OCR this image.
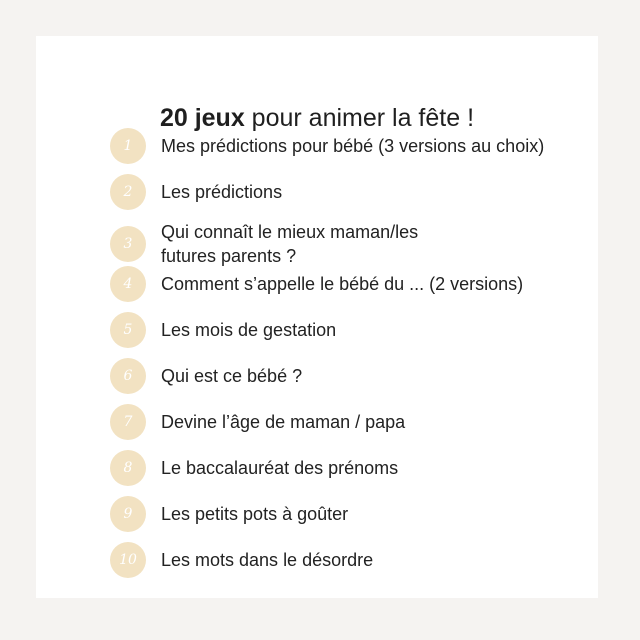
20 jeux pour animer la fête !
1	Mes prédictions pour bébé (3 versions au choix)
2	Les prédictions
3
Qui connaît le mieux maman/les
futures parents ?
4	Comment s’appelle le bébé du ... (2 versions)
5	Les mois de gestation
6	Qui est ce bébé ?
7	Devine l’âge de maman / papa
8	Le baccalauréat des prénoms
9	Les petits pots à goûter
10	Les mots dans le désordre
